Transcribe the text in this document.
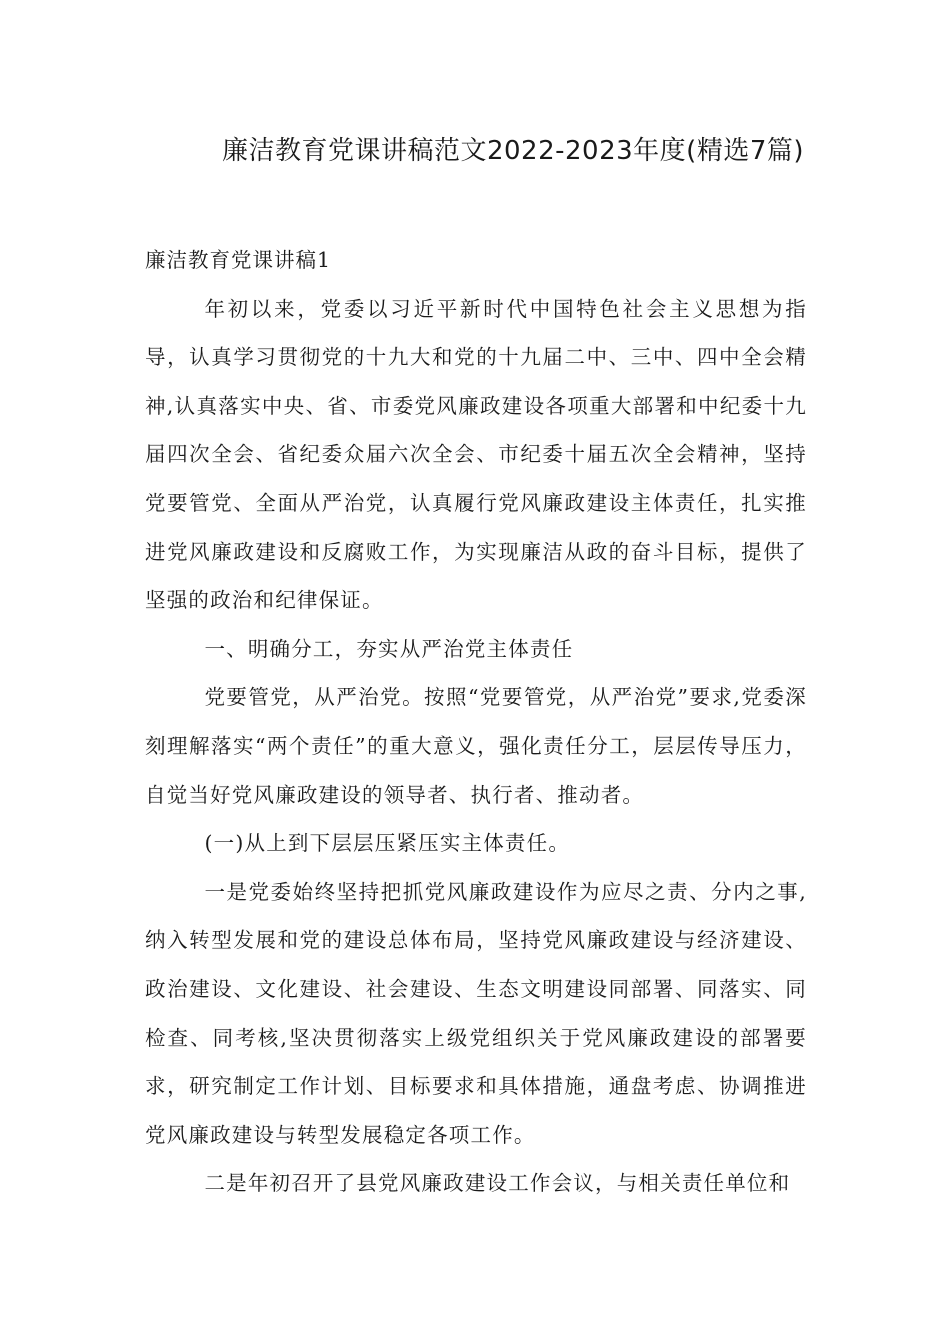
廉洁教育党课讲稿范文2022-2023年度(精选7篇)

廉洁教育党课讲稿1

年初以来，党委以习近平新时代中国特色社会主义思想为指导，认真学习贯彻党的十九大和党的十九届二中、三中、四中全会精神,认真落实中央、省、市委党风廉政建设各项重大部署和中纪委十九届四次全会、省纪委众届六次全会、市纪委十届五次全会精神，坚持党要管党、全面从严治党，认真履行党风廉政建设主体责任，扎实推进党风廉政建设和反腐败工作，为实现廉洁从政的奋斗目标，提供了坚强的政治和纪律保证。

一、明确分工，夯实从严治党主体责任

党要管党，从严治党。按照“党要管党，从严治党”要求,党委深刻理解落实“两个责任”的重大意义，强化责任分工，层层传导压力，自觉当好党风廉政建设的领导者、执行者、推动者。

(一)从上到下层层压紧压实主体责任。

一是党委始终坚持把抓党风廉政建设作为应尽之责、分内之事,纳入转型发展和党的建设总体布局，坚持党风廉政建设与经济建设、政治建设、文化建设、社会建设、生态文明建设同部署、同落实、同检查、同考核,坚决贯彻落实上级党组织关于党风廉政建设的部署要求，研究制定工作计划、目标要求和具体措施，通盘考虑、协调推进党风廉政建设与转型发展稳定各项工作。

二是年初召开了县党风廉政建设工作会议，与相关责任单位和
